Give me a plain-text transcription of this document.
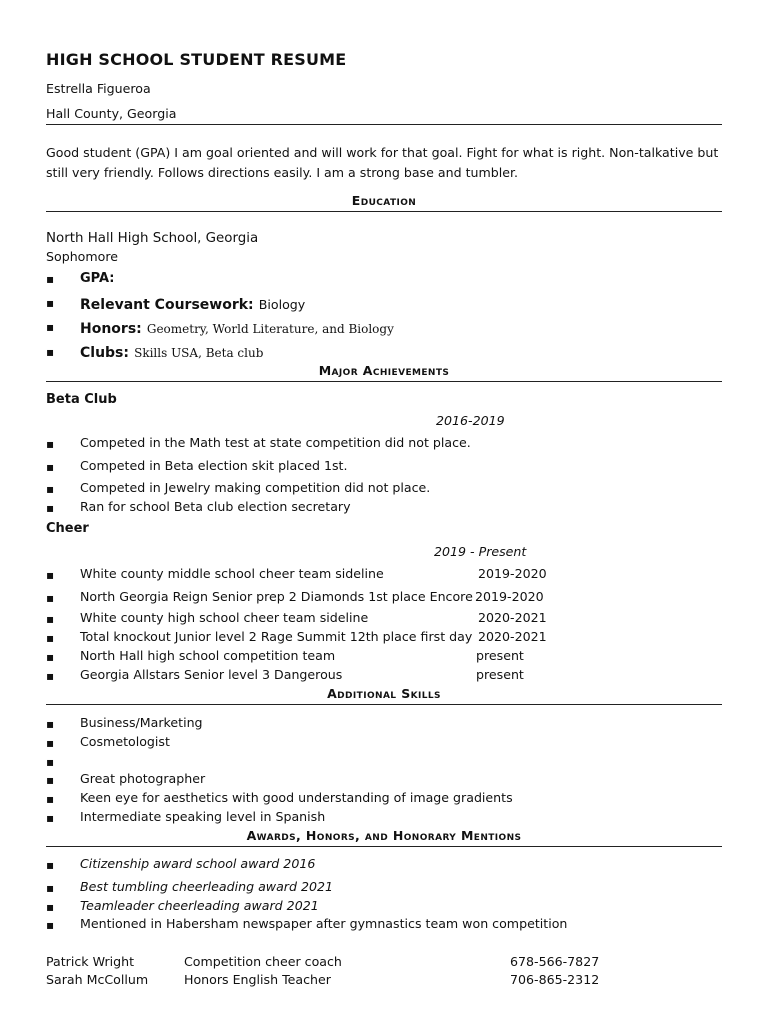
HIGH SCHOOL STUDENT RESUME
Estrella Figueroa
Hall County, Georgia
Good student (GPA) I am goal oriented and will work for that goal. Fight for what is right. Non-talkative but still very friendly. Follows directions easily. I am a strong base and tumbler.
Education
North Hall High School, Georgia
Sophomore
▪ GPA:
▪ Relevant Coursework: Biology
▪ Honors: Geometry, World Literature, and Biology
▪ Clubs: Skills USA, Beta club
Major Achievements
Beta Club
2016-2019
▪ Competed in the Math test at state competition did not place.
▪ Competed in Beta election skit placed 1st.
▪ Competed in Jewelry making competition did not place.
▪ Ran for school Beta club election secretary
Cheer
2019 - Present
▪ White county middle school cheer team sideline	2019-2020
▪ North Georgia Reign Senior prep 2 Diamonds 1st place Encore 2019-2020
▪ White county high school cheer team sideline	2020-2021
▪ Total knockout Junior level 2 Rage Summit 12th place first day 2020-2021
▪ North Hall high school competition team	present
▪ Georgia Allstars Senior level 3 Dangerous	present
Additional Skills
▪ Business/Marketing
▪ Cosmetologist
▪
▪ Great photographer
▪ Keen eye for aesthetics with good understanding of image gradients
▪ Intermediate speaking level in Spanish
Awards, Honors, and Honorary Mentions
▪ Citizenship award school award 2016
▪ Best tumbling cheerleading award 2021
▪ Teamleader cheerleading award 2021
▪ Mentioned in Habersham newspaper after gymnastics team won competition
Patrick Wright	Competition cheer coach	678-566-7827
Sarah McCollum	Honors English Teacher	706-865-2312
